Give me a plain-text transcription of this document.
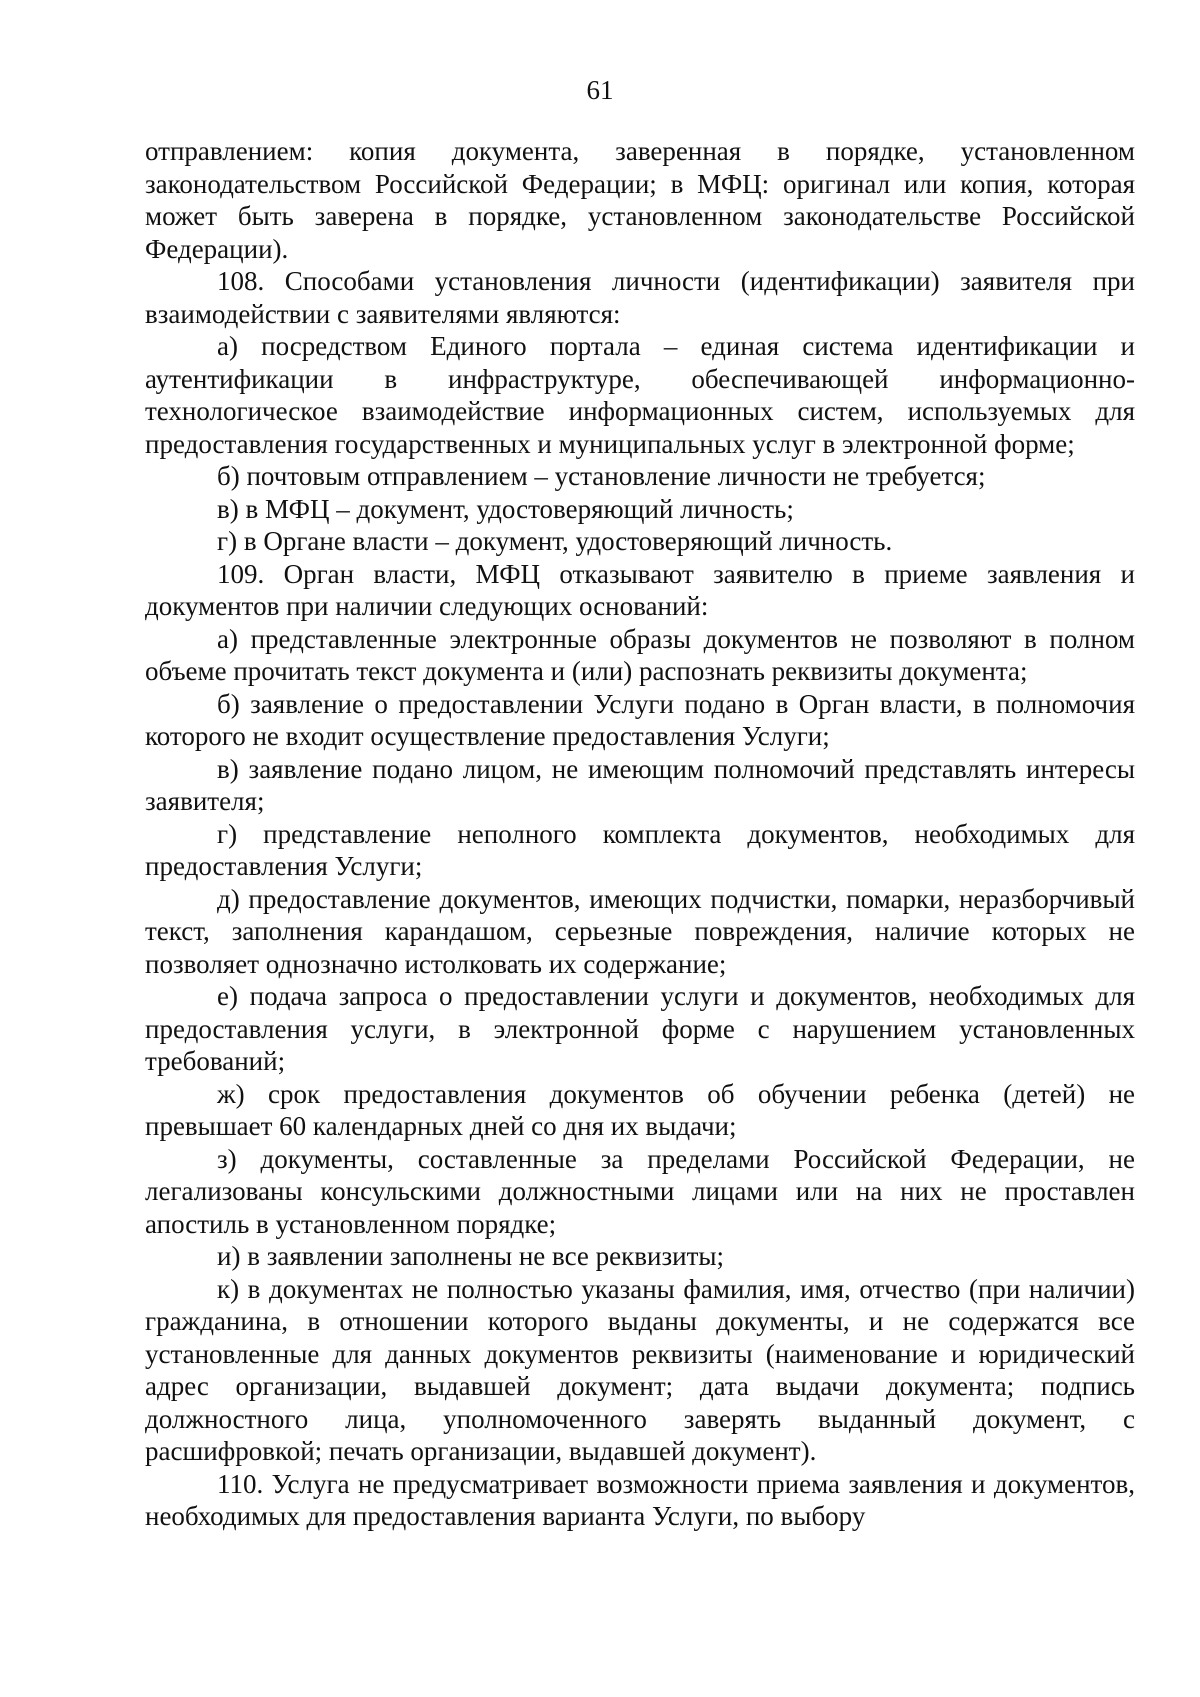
61

отправлением: копия документа, заверенная в порядке, установленном законодательством Российской Федерации; в МФЦ: оригинал или копия, которая может быть заверена в порядке, установленном законодательстве Российской Федерации).

108. Способами установления личности (идентификации) заявителя при взаимодействии с заявителями являются:

а) посредством Единого портала – единая система идентификации и аутентификации в инфраструктуре, обеспечивающей информационно-технологическое взаимодействие информационных систем, используемых для предоставления государственных и муниципальных услуг в электронной форме;

б) почтовым отправлением – установление личности не требуется;

в) в МФЦ – документ, удостоверяющий личность;

г) в Органе власти – документ, удостоверяющий личность.

109. Орган власти, МФЦ отказывают заявителю в приеме заявления и документов при наличии следующих оснований:

а) представленные электронные образы документов не позволяют в полном объеме прочитать текст документа и (или) распознать реквизиты документа;

б) заявление о предоставлении Услуги подано в Орган власти, в полномочия которого не входит осуществление предоставления Услуги;

в) заявление подано лицом, не имеющим полномочий представлять интересы заявителя;

г) представление неполного комплекта документов, необходимых для предоставления Услуги;

д) предоставление документов, имеющих подчистки, помарки, неразборчивый текст, заполнения карандашом, серьезные повреждения, наличие которых не позволяет однозначно истолковать их содержание;

е) подача запроса о предоставлении услуги и документов, необходимых для предоставления услуги, в электронной форме с нарушением установленных требований;

ж) срок предоставления документов об обучении ребенка (детей) не превышает 60 календарных дней со дня их выдачи;

з) документы, составленные за пределами Российской Федерации, не легализованы консульскими должностными лицами или на них не проставлен апостиль в установленном порядке;

и) в заявлении заполнены не все реквизиты;

к) в документах не полностью указаны фамилия, имя, отчество (при наличии) гражданина, в отношении которого выданы документы, и не содержатся все установленные для данных документов реквизиты (наименование и юридический адрес организации, выдавшей документ; дата выдачи документа; подпись должностного лица, уполномоченного заверять выданный документ, с расшифровкой; печать организации, выдавшей документ).

110. Услуга не предусматривает возможности приема заявления и документов, необходимых для предоставления варианта Услуги, по выбору
